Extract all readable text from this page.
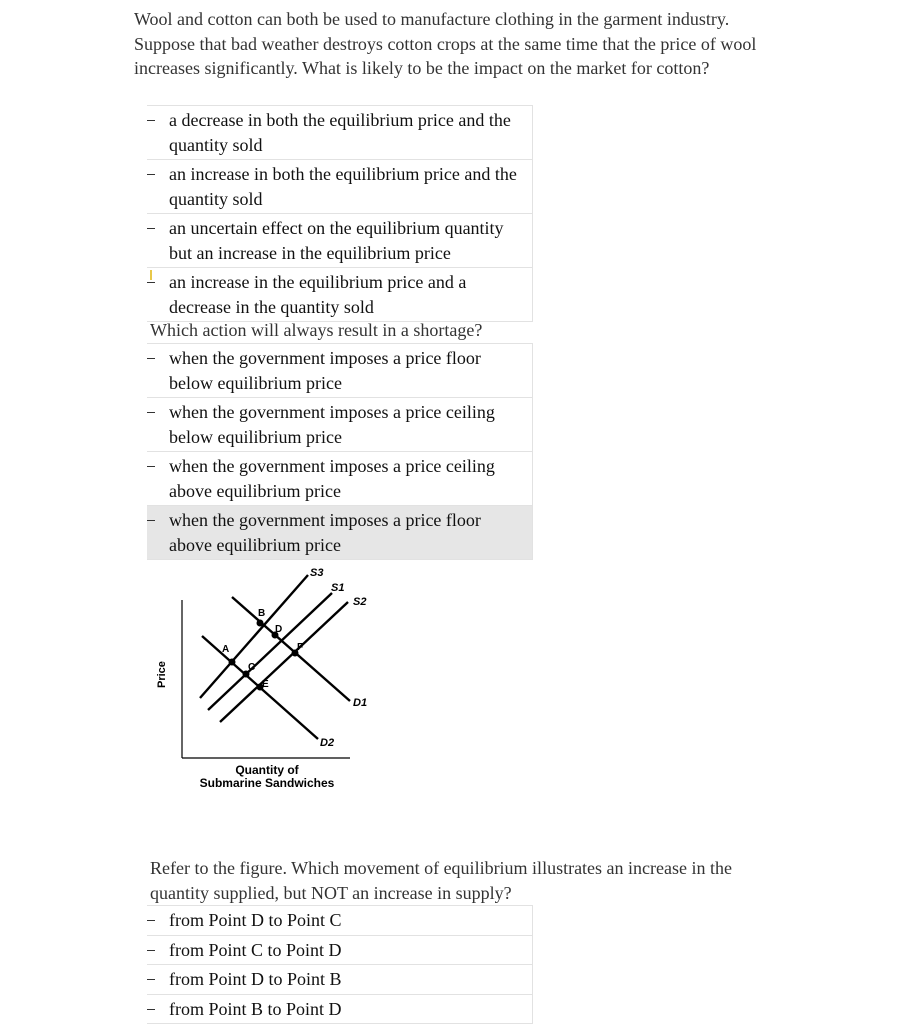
Wool and cotton can both be used to manufacture clothing in the garment industry. Suppose that bad weather destroys cotton crops at the same time that the price of wool increases significantly. What is likely to be the impact on the market for cotton?
a decrease in both the equilibrium price and the quantity sold
an increase in both the equilibrium price and the quantity sold
an uncertain effect on the equilibrium quantity but an increase in the equilibrium price
an increase in the equilibrium price and a decrease in the quantity sold
Which action will always result in a shortage?
when the government imposes a price floor below equilibrium price
when the government imposes a price ceiling below equilibrium price
when the government imposes a price ceiling above equilibrium price
when the government imposes a price floor above equilibrium price
S3
S1
S2
D1
D2
B
D
F
A
C
E
Price
Quantity of
Submarine Sandwiches
Refer to the figure. Which movement of equilibrium illustrates an increase in the quantity supplied, but NOT an increase in supply?
from Point D to Point C
from Point C to Point D
from Point D to Point B
from Point B to Point D
